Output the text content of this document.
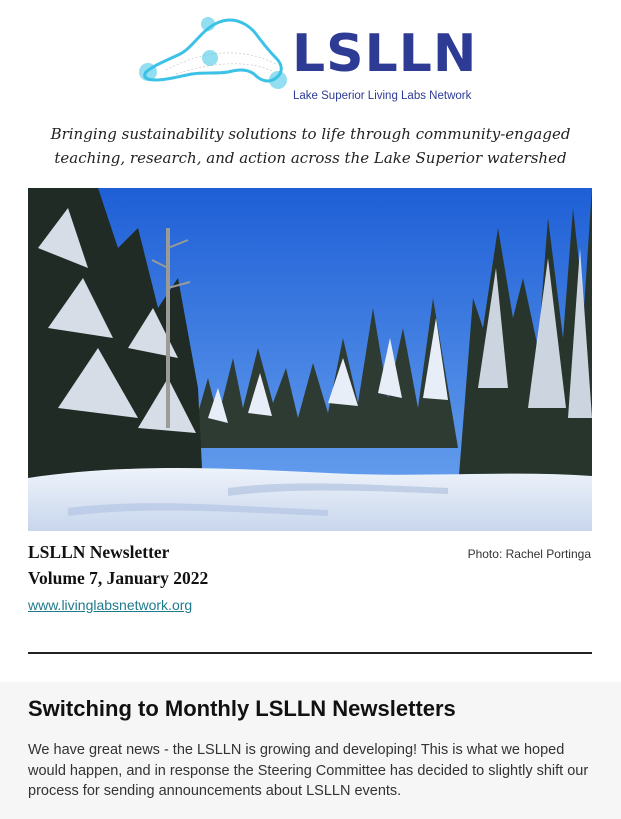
LSLLN
Lake Superior Living Labs Network
Bringing sustainability solutions to life through community-engaged
teaching, research, and action across the Lake Superior watershed
LSLLN Newsletter	Photo: Rachel Portinga
Volume 7, January 2022
www.livinglabsnetwork.org
Switching to Monthly LSLLN Newsletters
We have great news - the LSLLN is growing and developing! This is what we hoped would happen, and in response the Steering Committee has decided to slightly shift our process for sending announcements about LSLLN events.
